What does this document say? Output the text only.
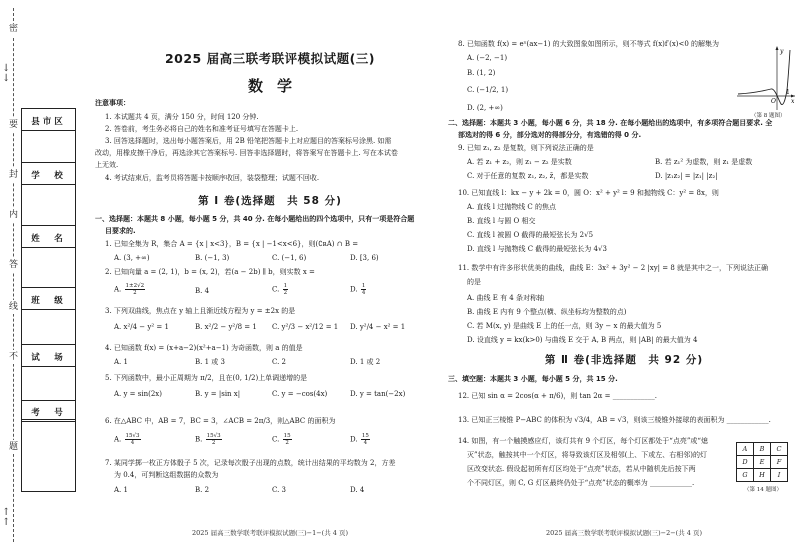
密
封
线
内
不
要
答
题
↓
↓
↑
↑
县市区
学　校
姓　名
班　级
试　场
考　号
2025 届高三联考联评模拟试题(三)
数学
注意事项：
1. 本试题共 4 页，满分 150 分，时间 120 分钟.
2. 答卷前，考生务必将自己的姓名和准考证号填写在答题卡上.
3. 回答选择题时，选出每小题答案后，用 2B 铅笔把答题卡上对应题目的答案标号涂黑. 如需
改动，用橡皮擦干净后，再选涂其它答案标号. 回答非选择题时，将答案写在答题卡上. 写在本试卷
上无效.
4. 考试结束后，监考员将答题卡按顺序收回，装袋整理；试题不回收.
第 Ⅰ 卷(选择题　共 58 分)
一、选择题：本题共 8 小题，每小题 5 分，共 40 分. 在每小题给出的四个选项中，只有一项是符合题
目要求的.
1. 已知全集为 R，集合 A = {x | x<3}，B = {x | −1<x<6}，则(∁ʀA) ∩ B =
A. (3, +∞)	B. (−1, 3)	C. (−1, 6)	D. [3, 6)
2. 已知向量 a = (2, 1)，b = (x, 2)，若(a − 2b) ∥ b，则实数 x =
A. $\frac{1\pm 2√2}{2}$	B. 4	C. $\frac{1}{2}$	D. $\frac{1}{4}$
3. 下列双曲线，焦点在 y 轴上且渐近线方程为 y = ±2x 的是
A. x²/4 − y² = 1	B. x²/2 − y²/8 = 1 C. y²/3 − x²/12 = 1 D. y²/4 − x² = 1
4. 已知函数 f(x) = (x+a−2)(x²+a−1) 为奇函数，则 a 的值是
A. 1	B. 1 或 3	C. 2	D. 1 或 2
5. 下列函数中，最小正周期为 π/2，且在(0, 1/2)上单调递增的是
A. y = sin(2x)	B. y = |sin x|	C. y = −cos(4x)	D. y = tan(−2x)
6. 在△ABC 中，AB = 7，BC = 3，∠ACB = 2π/3，则△ABC 的面积为
A. $\frac{15√3}{4}$	B. $\frac{15√3}{2}$	C. $\frac{15}{2}$	D. $\frac{15}{4}$
7. 某同学掷一枚正方体骰子 5 次，记录每次骰子出现的点数，统计出结果的平均数为 2，方差
为 0.4，可判断这组数据的众数为
A. 1	B. 2	C. 3	D. 4
2025 届高三数学联考联评模拟试题(三)−1−(共 4 页)
8. 已知函数 f(x) = eˣ(ax−1) 的大致图象如图所示，则不等式 f(x)f′(x)<0 的解集为
A. (−2, −1)
B. (1, 2)
C. (−1/2, 1)
D. (2, +∞)
y
O
1
x
（第 8 题图）
二、选择题：本题共 3 小题，每小题 6 分，共 18 分. 在每小题给出的选项中，有多项符合题目要求. 全
部选对的得 6 分，部分选对的得部分分，有选错的得 0 分.
9. 已知 z₁, z₂ 是复数，则下列说法正确的是
A. 若 z₁ + z₂，则 z₁ − z₂ 是实数	B. 若 z₁² 为虚数，则 z₁ 是虚数
C. 对于任意的复数 z₁, z₂, z̄，都是实数	D. |z₁z₂| = |z₁| |z₂|
10. 已知直线 l：kx − y + 2k = 0，圆 O：x² + y² = 9 和抛物线 C：y² = 8x，则
A. 直线 l 过抛物线 C 的焦点
B. 直线 l 与圆 O 相交
C. 直线 l 被圆 O 截得的最短弦长为 2√5
D. 直线 l 与抛物线 C 截得的最短弦长为 4√3
11. 数学中有许多形状优美的曲线，曲线 E：3x² + 3y² − 2 |xy| = 8 就是其中之一，下列说法正确
的是
A. 曲线 E 有 4 条对称轴
B. 曲线 E 内有 9 个整点(横、纵坐标均为整数的点)
C. 若 M(x, y) 是曲线 E 上的任一点，则 3y − x 的最大值为 5
D. 设直线 y = kx(k>0) 与曲线 E 交于 A, B 两点，则 |AB| 的最大值为 4
第 Ⅱ 卷(非选择题　共 92 分)
三、填空题：本题共 3 小题，每小题 5 分，共 15 分.
12. 已知 sin α = 2cos(α + π/6)，则 tan 2α = ____________.
13. 已知正三棱锥 P−ABC 的体积为 √3/4，AB = √3，则该三棱锥外接球的表面积为 ____________.
14. 如图，有一个触摸感应灯，该灯共有 9 个灯区，每个灯区都处于“点亮”或“熄
灭”状态，触按其中一个灯区，将导致该灯区及相邻(上、下或左、右相邻)的灯
区改变状态. 假设起初所有灯区均处于“点亮”状态，若从中随机先后按下两
个不同灯区，则 C, G 灯区最终仍处于“点亮”状态的概率为 ____________.
A	B	C
D	E	F
G	H	I
（第 14 题图）
2025 届高三数学联考联评模拟试题(三)−2−(共 4 页)
